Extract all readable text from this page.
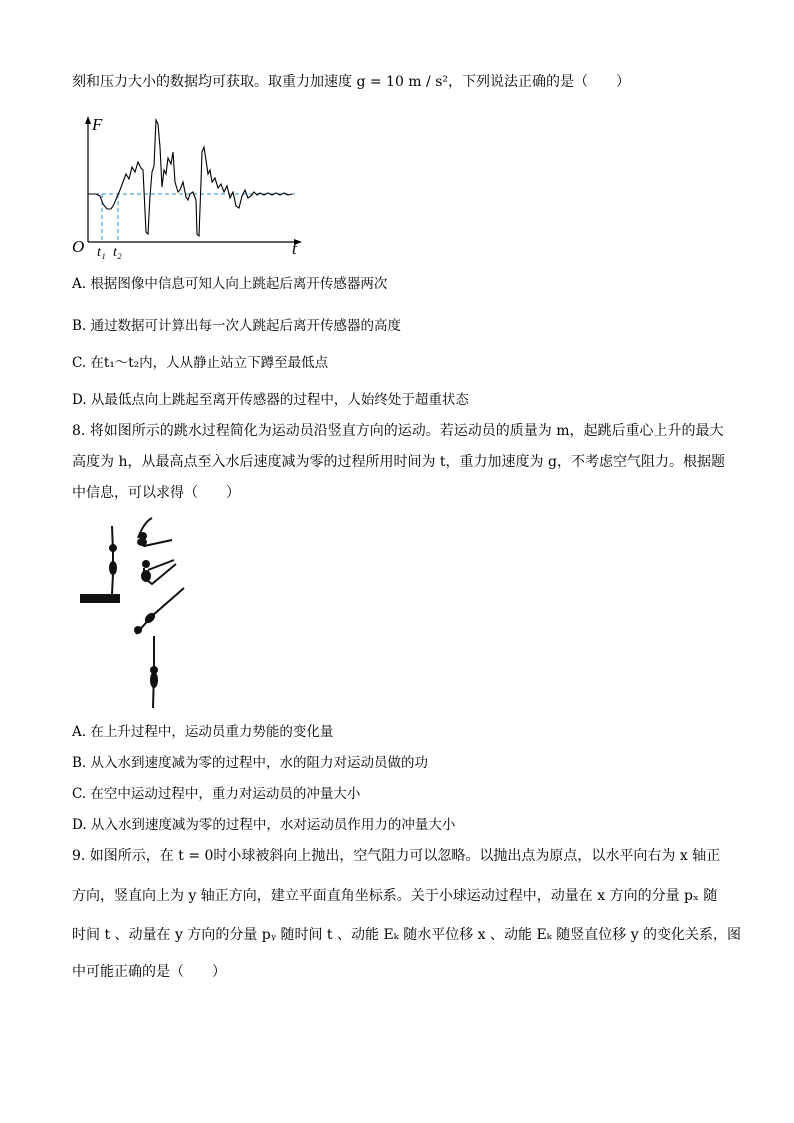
刻和压力大小的数据均可获取。取重力加速度 g = 10 m / s²，下列说法正确的是（　　）
F
t
O t₁ t₂
A. 根据图像中信息可知人向上跳起后离开传感器两次
B. 通过数据可计算出每一次人跳起后离开传感器的高度
C. 在t₁～t₂内，人从静止站立下蹲至最低点
D. 从最低点向上跳起至离开传感器的过程中，人始终处于超重状态
8. 将如图所示的跳水过程简化为运动员沿竖直方向的运动。若运动员的质量为 m，起跳后重心上升的最大
高度为 h，从最高点至入水后速度减为零的过程所用时间为 t，重力加速度为 g，不考虑空气阻力。根据题
中信息，可以求得（　　）
A. 在上升过程中，运动员重力势能的变化量
B. 从入水到速度减为零的过程中，水的阻力对运动员做的功
C. 在空中运动过程中，重力对运动员的冲量大小
D. 从入水到速度减为零的过程中，水对运动员作用力的冲量大小
9. 如图所示，在 t = 0时小球被斜向上抛出，空气阻力可以忽略。以抛出点为原点，以水平向右为 x 轴正
方向，竖直向上为 y 轴正方向，建立平面直角坐标系。关于小球运动过程中，动量在 x 方向的分量 pₓ 随
时间 t 、动量在 y 方向的分量 pᵧ 随时间 t 、动能 Eₖ 随水平位移 x 、动能 Eₖ 随竖直位移 y 的变化关系，图
中可能正确的是（　　）
